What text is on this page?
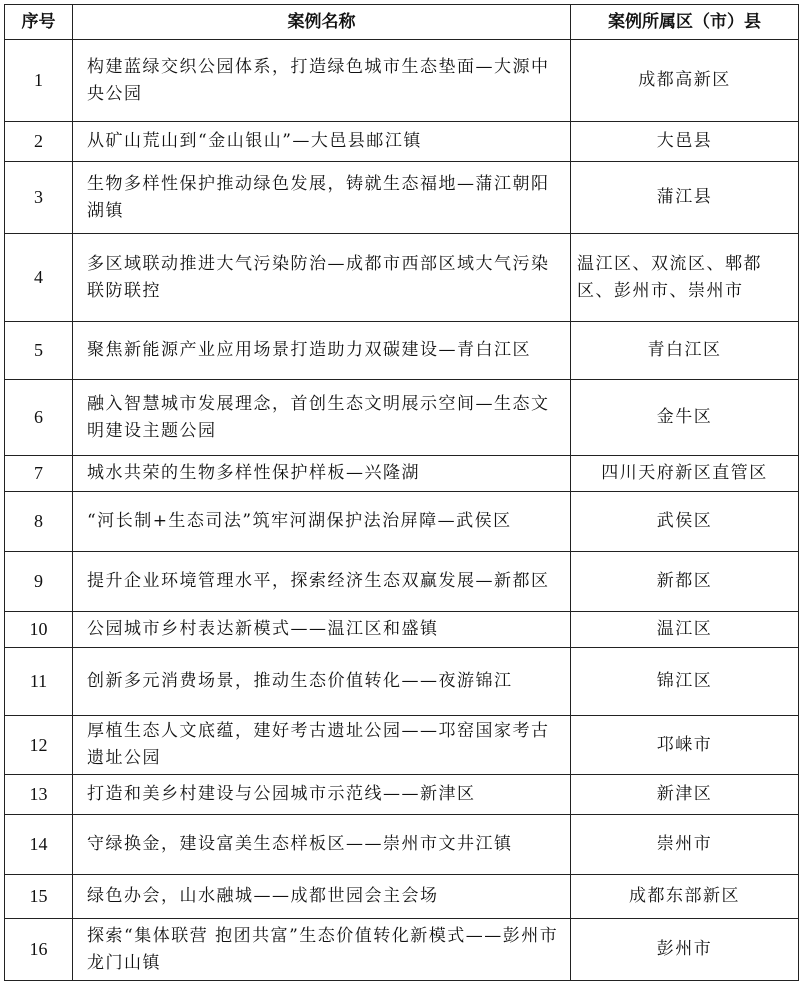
序号	案例名称	案例所属区（市）县
1	构建蓝绿交织公园体系，打造绿色城市生态垫面—大源中央公园	成都高新区
2	从矿山荒山到“金山银山”—大邑县邮江镇	大邑县
3	生物多样性保护推动绿色发展，铸就生态福地—蒲江朝阳湖镇	蒲江县
4	多区域联动推进大气污染防治—成都市西部区域大气污染联防联控	温江区、双流区、郫都区、彭州市、崇州市
5	聚焦新能源产业应用场景打造助力双碳建设—青白江区	青白江区
6	融入智慧城市发展理念，首创生态文明展示空间—生态文明建设主题公园	金牛区
7	城水共荣的生物多样性保护样板—兴隆湖	四川天府新区直管区
8	“河长制+生态司法”筑牢河湖保护法治屏障—武侯区	武侯区
9	提升企业环境管理水平，探索经济生态双赢发展—新都区	新都区
10	公园城市乡村表达新模式——温江区和盛镇	温江区
11	创新多元消费场景，推动生态价值转化——夜游锦江	锦江区
12	厚植生态人文底蕴，建好考古遗址公园——邛窑国家考古遗址公园	邛崃市
13	打造和美乡村建设与公园城市示范线——新津区	新津区
14	守绿换金，建设富美生态样板区——崇州市文井江镇	崇州市
15	绿色办会，山水融城——成都世园会主会场	成都东部新区
16	探索“集体联营 抱团共富”生态价值转化新模式——彭州市龙门山镇	彭州市
